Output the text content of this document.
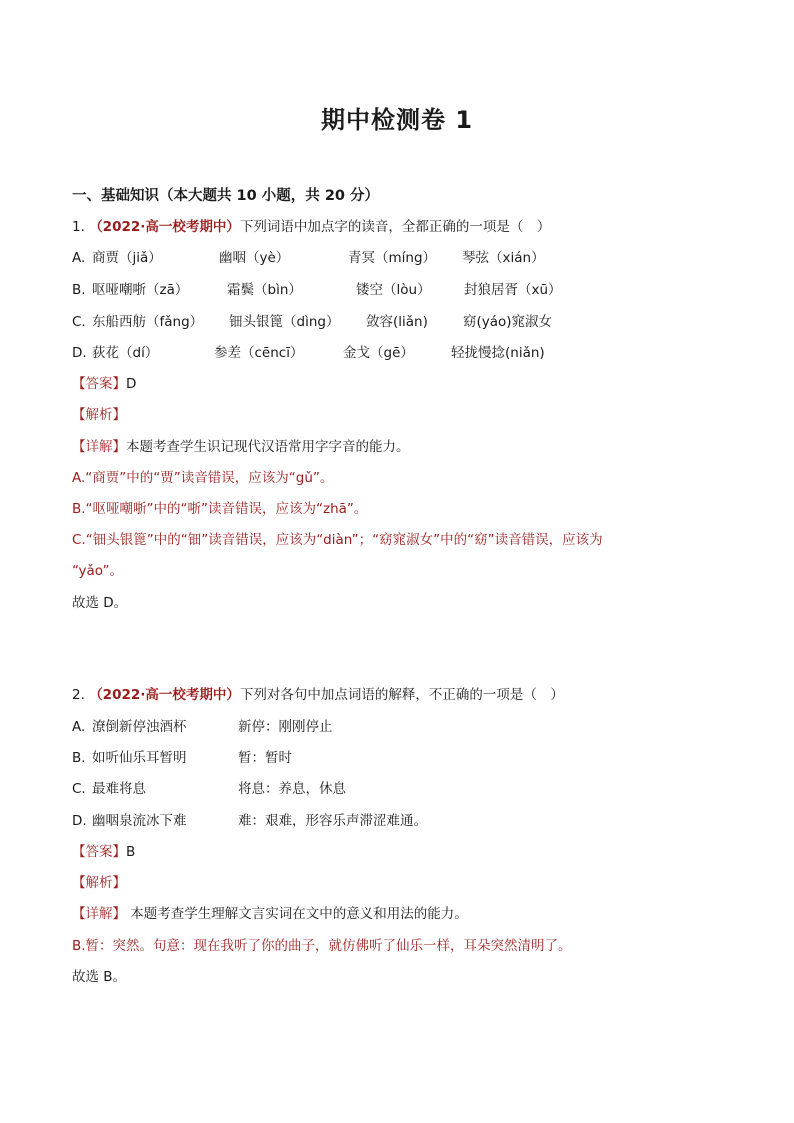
期中检测卷 1
一、基础知识（本大题共 10 小题，共 20 分）
1. （2022·高一校考期中）下列词语中加点字的读音，全都正确的一项是（　）
A. 商贾（jiǎ）	幽咽（yè）	青冥（míng） 琴弦（xián）
B. 呕哑嘲哳（zā）	霜鬓（bìn）	镂空（lòu） 封狼居胥（xū）
C. 东船西舫（fǎng） 钿头银篦（dìng） 敛容(liǎn)	窈(yáo)窕淑女
D. 荻花（dí）	参差（cēncī）	金戈（gē）	轻拢慢捻(niǎn)
【答案】D
【解析】
【详解】本题考查学生识记现代汉语常用字字音的能力。
A.“商贾”中的“贾”读音错误，应该为“gǔ”。
B.“呕哑嘲哳”中的“哳”读音错误，应该为“zhā”。
C.“钿头银篦”中的“钿”读音错误，应该为“diàn”；“窈窕淑女”中的“窈”读音错误，应该为
“yǎo”。
故选 D。
2. （2022·高一校考期中）下列对各句中加点词语的解释，不正确的一项是（　）
A. 潦倒新停浊酒杯	新停：刚刚停止
B. 如听仙乐耳暂明	暂：暂时
C. 最难将息	将息：养息，休息
D. 幽咽泉流冰下难	难：艰难，形容乐声滞涩难通。
【答案】B
【解析】
【详解】 本题考查学生理解文言实词在文中的意义和用法的能力。
B.暂：突然。句意：现在我听了你的曲子，就仿佛听了仙乐一样，耳朵突然清明了。
故选 B。
